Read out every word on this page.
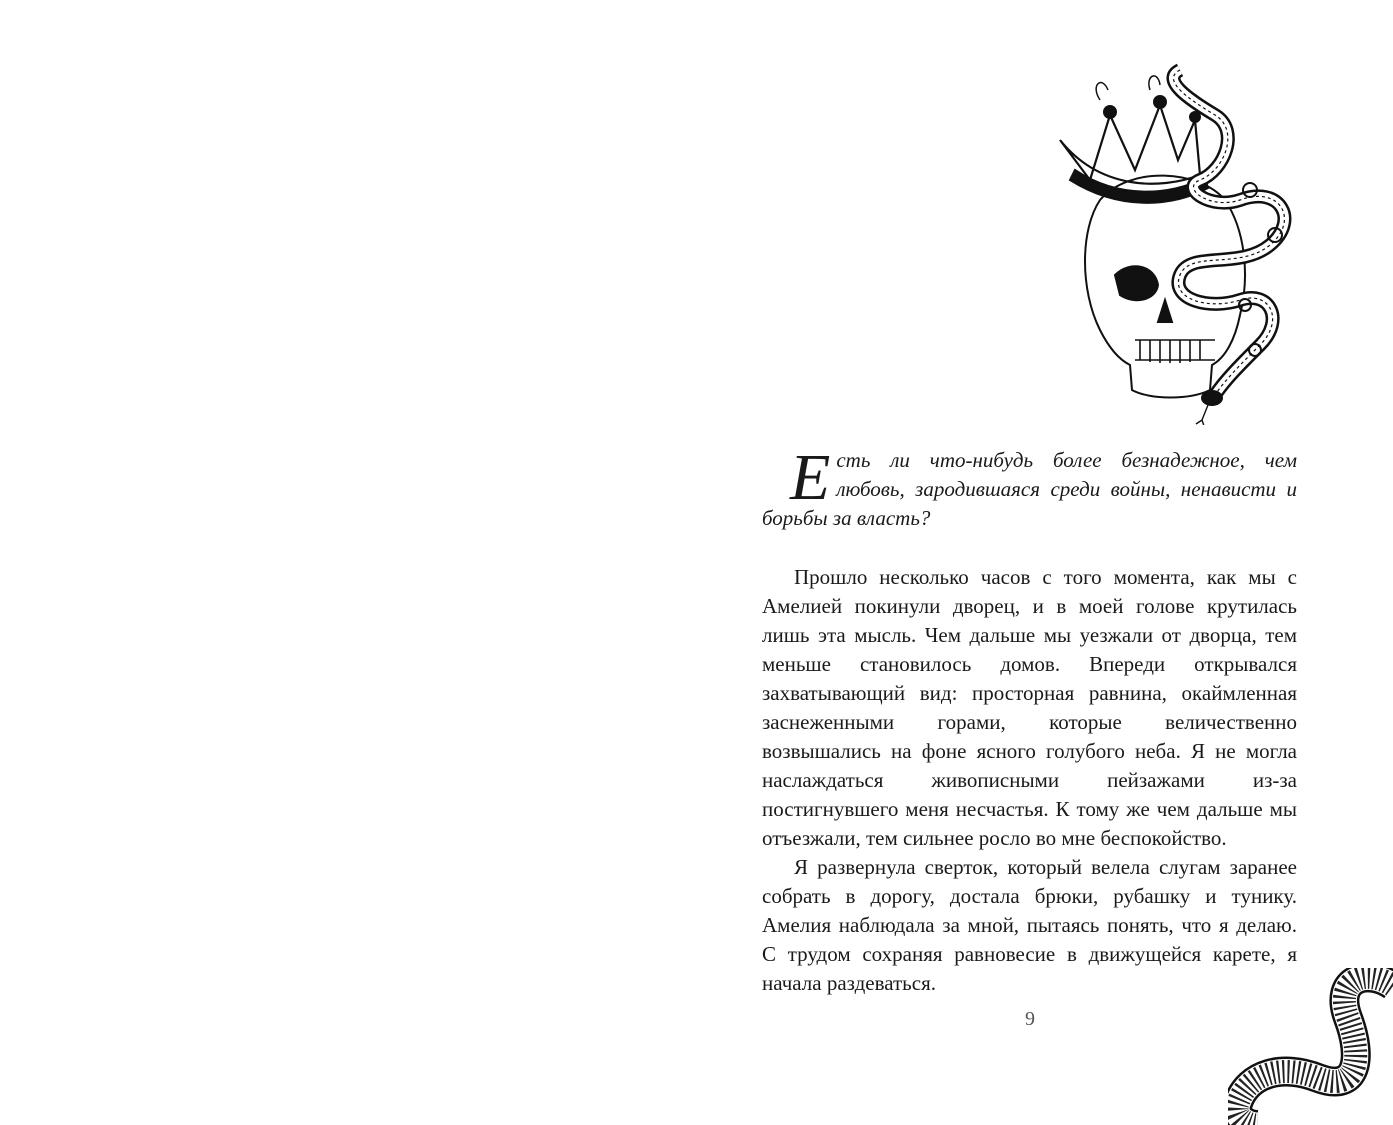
Е сть ли что-нибудь более безнадежное, чем любовь, зародившаяся среди войны, ненависти и борьбы за власть?

Прошло несколько часов с того момента, как мы с Амелией покинули дворец, и в моей голове крутилась лишь эта мысль. Чем дальше мы уезжали от дворца, тем меньше становилось домов. Впереди открывался захватывающий вид: просторная равнина, окаймленная заснеженными горами, которые величественно возвышались на фоне ясного голубого неба. Я не могла наслаждаться живописными пейзажами из-за постигнувшего меня несчастья. К тому же чем дальше мы отъезжали, тем сильнее росло во мне беспокойство.

Я развернула сверток, который велела слугам заранее собрать в дорогу, достала брюки, рубашку и тунику. Амелия наблюдала за мной, пытаясь понять, что я делаю. С трудом сохраняя равновесие в движущейся карете, я начала раздеваться.

9
